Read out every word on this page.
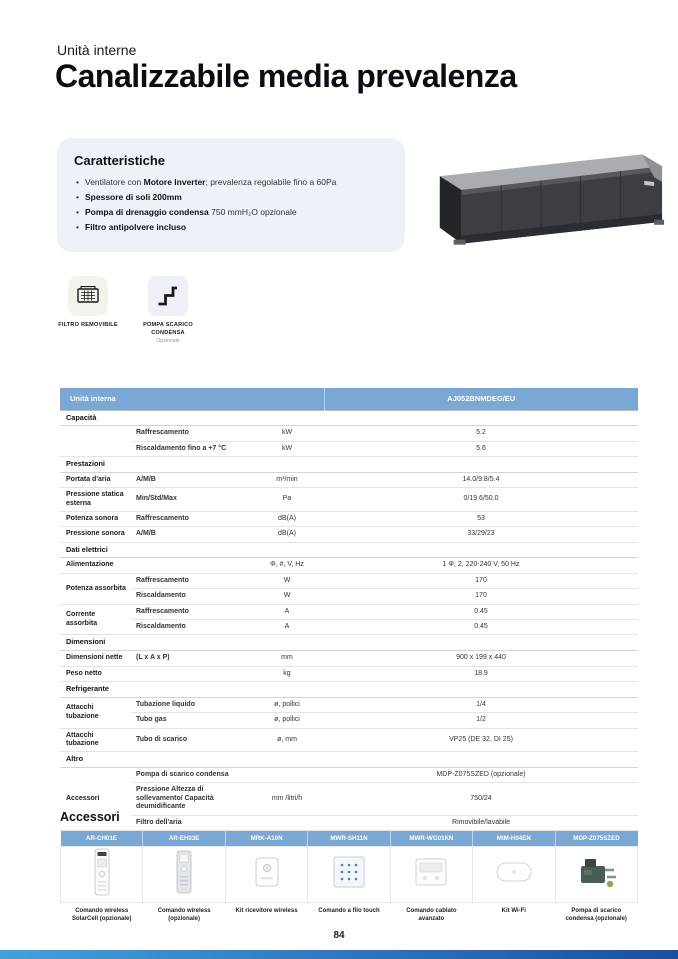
Unità interne
Canalizzabile media prevalenza
Caratteristiche
• Ventilatore con Motore Inverter; prevalenza regolabile fino a 60Pa
• Spessore di soli 200mm
• Pompa di drenaggio condensa 750 mmH₂O opzionale
• Filtro antipolvere incluso
FILTRO REMOVIBILE	POMPA SCARICO CONDENSA
Opzionale
Unità interna			AJ052BNMDEG/EU
Capacità			
	Raffrescamento	kW	5.2
	Riscaldamento fino a +7 °C	kW	5.6
Prestazioni			
Portata d'aria	A/M/B	m³/min	14.0/9.8/5.4
Pressione statica esterna	Min/Std/Max	Pa	0/19.6/50.0
Potenza sonora	Raffrescamento	dB(A)	53
Pressione sonora	A/M/B	dB(A)	33/29/23
Dati elettrici			
Alimentazione		Φ, #, V, Hz	1 Φ, 2, 220-240 V, 50 Hz
Potenza assorbita	Raffrescamento	W	170
	Riscaldamento	W	170
Corrente assorbita	Raffrescamento	A	0.45
	Riscaldamento	A	0.45
Dimensioni			
Dimensioni nette	(L x A x P)	mm	900 x 199 x 440
Peso netto		kg	18.9
Refrigerante			
Attacchi tubazione	Tubazione liquido	ø, pollici	1/4
	Tubo gas	ø, pollici	1/2
Attacchi tubazione	Tubo di scarico	ø, mm	VP25 (DE 32, DI 25)
Altro			
Accessori	Pompa di scarico condensa		MDP-Z075SZED (opzionale)
	Pressione Altezza di sollevamento/ Capacità deumidificante	mm /litri/h	750/24
	Filtro dell'aria		Rimovibile/lavabile
Accessori
AR-CH01E	AR-EH03E	MRK-A10N	MWR-SH11N	MWR-WG01KN	MIM-H04EN	MDP-Z075SZED

Comando wireless SolarCell (opzionale)	Comando wireless (opzionale)	Kit ricevitore wireless	Comando a filo touch	Comando cablato avanzato	Kit Wi-Fi	Pompa di scarico condensa (opzionale)
84
